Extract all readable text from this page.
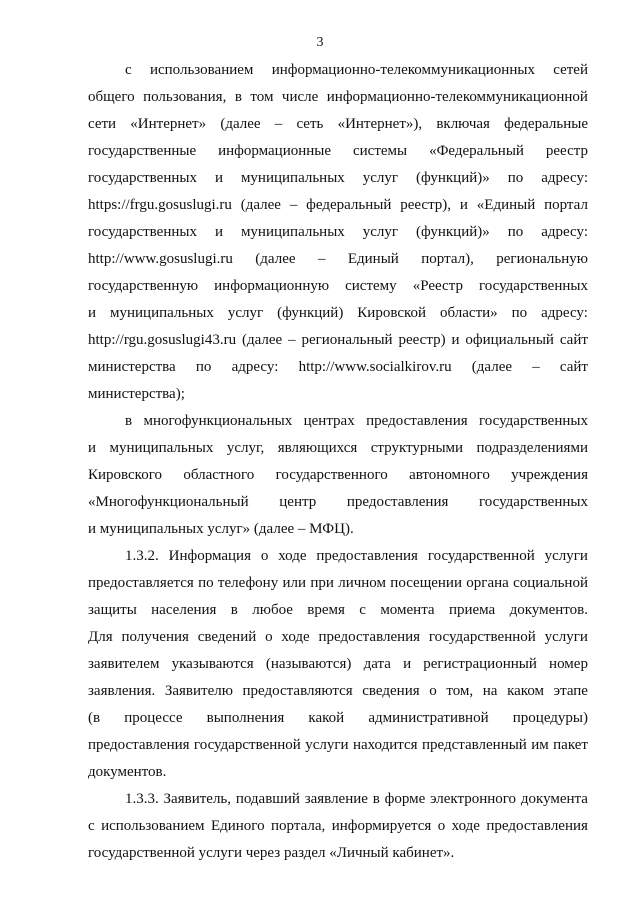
3
с использованием информационно-телекоммуникационных сетей
общего пользования, в том числе информационно-телекоммуникационной
сети «Интернет» (далее – сеть «Интернет»), включая федеральные
государственные информационные системы «Федеральный реестр
государственных и муниципальных услуг (функций)» по адресу:
https://frgu.gosuslugi.ru (далее – федеральный реестр), и «Единый портал
государственных и муниципальных услуг (функций)» по адресу:
http://www.gosuslugi.ru (далее – Единый портал), региональную
государственную информационную систему «Реестр государственных
и муниципальных услуг (функций) Кировской области» по адресу:
http://rgu.gosuslugi43.ru (далее – региональный реестр) и официальный сайт
министерства по адресу: http://www.socialkirov.ru (далее – сайт
министерства);
в многофункциональных центрах предоставления государственных
и муниципальных услуг, являющихся структурными подразделениями
Кировского областного государственного автономного учреждения
«Многофункциональный центр предоставления государственных
и муниципальных услуг» (далее – МФЦ).
1.3.2. Информация о ходе предоставления государственной услуги
предоставляется по телефону или при личном посещении органа социальной
защиты населения в любое время с момента приема документов.
Для получения сведений о ходе предоставления государственной услуги
заявителем указываются (называются) дата и регистрационный номер
заявления. Заявителю предоставляются сведения о том, на каком этапе
(в процессе выполнения какой административной процедуры)
предоставления государственной услуги находится представленный им пакет
документов.
1.3.3. Заявитель, подавший заявление в форме электронного документа
с использованием Единого портала, информируется о ходе предоставления
государственной услуги через раздел «Личный кабинет».
